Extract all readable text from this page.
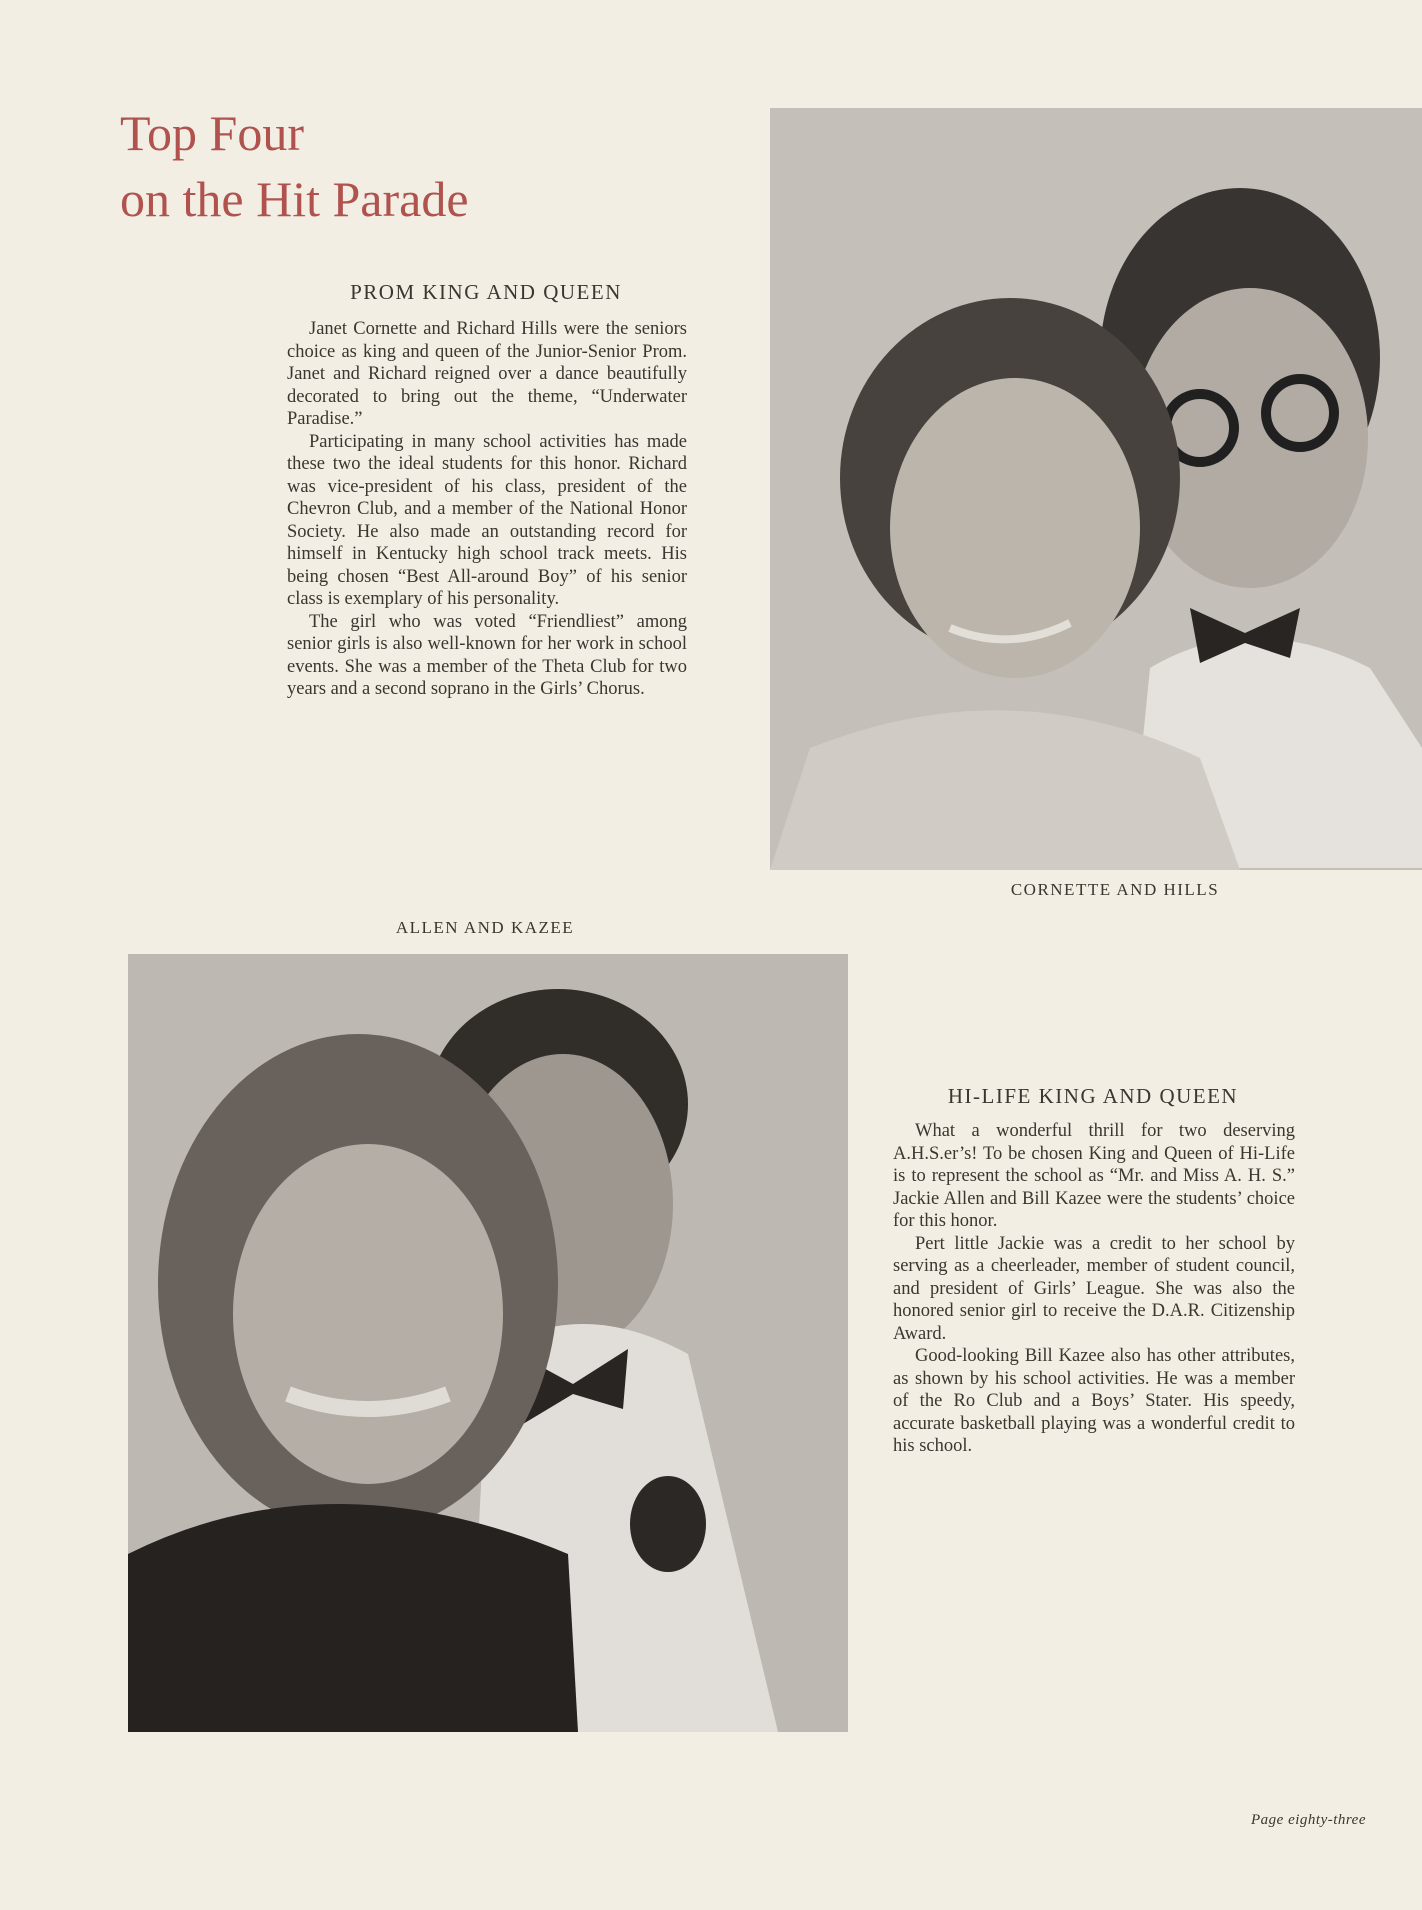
Top Four
on the Hit Parade
PROM KING AND QUEEN

Janet Cornette and Richard Hills were the seniors choice as king and queen of the Junior-Senior Prom. Janet and Richard reigned over a dance beautifully decorated to bring out the theme, “Underwater Paradise.”

Participating in many school activities has made these two the ideal students for this honor. Richard was vice-president of his class, president of the Chevron Club, and a member of the National Honor Society. He also made an outstanding record for himself in Kentucky high school track meets. His being chosen “Best All-around Boy” of his senior class is exemplary of his personality.

The girl who was voted “Friendliest” among senior girls is also well-known for her work in school events. She was a member of the Theta Club for two years and a second soprano in the Girls’ Chorus.

CORNETTE AND HILLS
ALLEN AND KAZEE
HI-LIFE KING AND QUEEN

What a wonderful thrill for two deserving A.H.S.er’s! To be chosen King and Queen of Hi-Life is to represent the school as “Mr. and Miss A. H. S.” Jackie Allen and Bill Kazee were the students’ choice for this honor.

Pert little Jackie was a credit to her school by serving as a cheerleader, member of student council, and president of Girls’ League. She was also the honored senior girl to receive the D.A.R. Citizenship Award.

Good-looking Bill Kazee also has other attributes, as shown by his school activities. He was a member of the Ro Club and a Boys’ Stater. His speedy, accurate basketball playing was a wonderful credit to his school.

Page eighty-three
